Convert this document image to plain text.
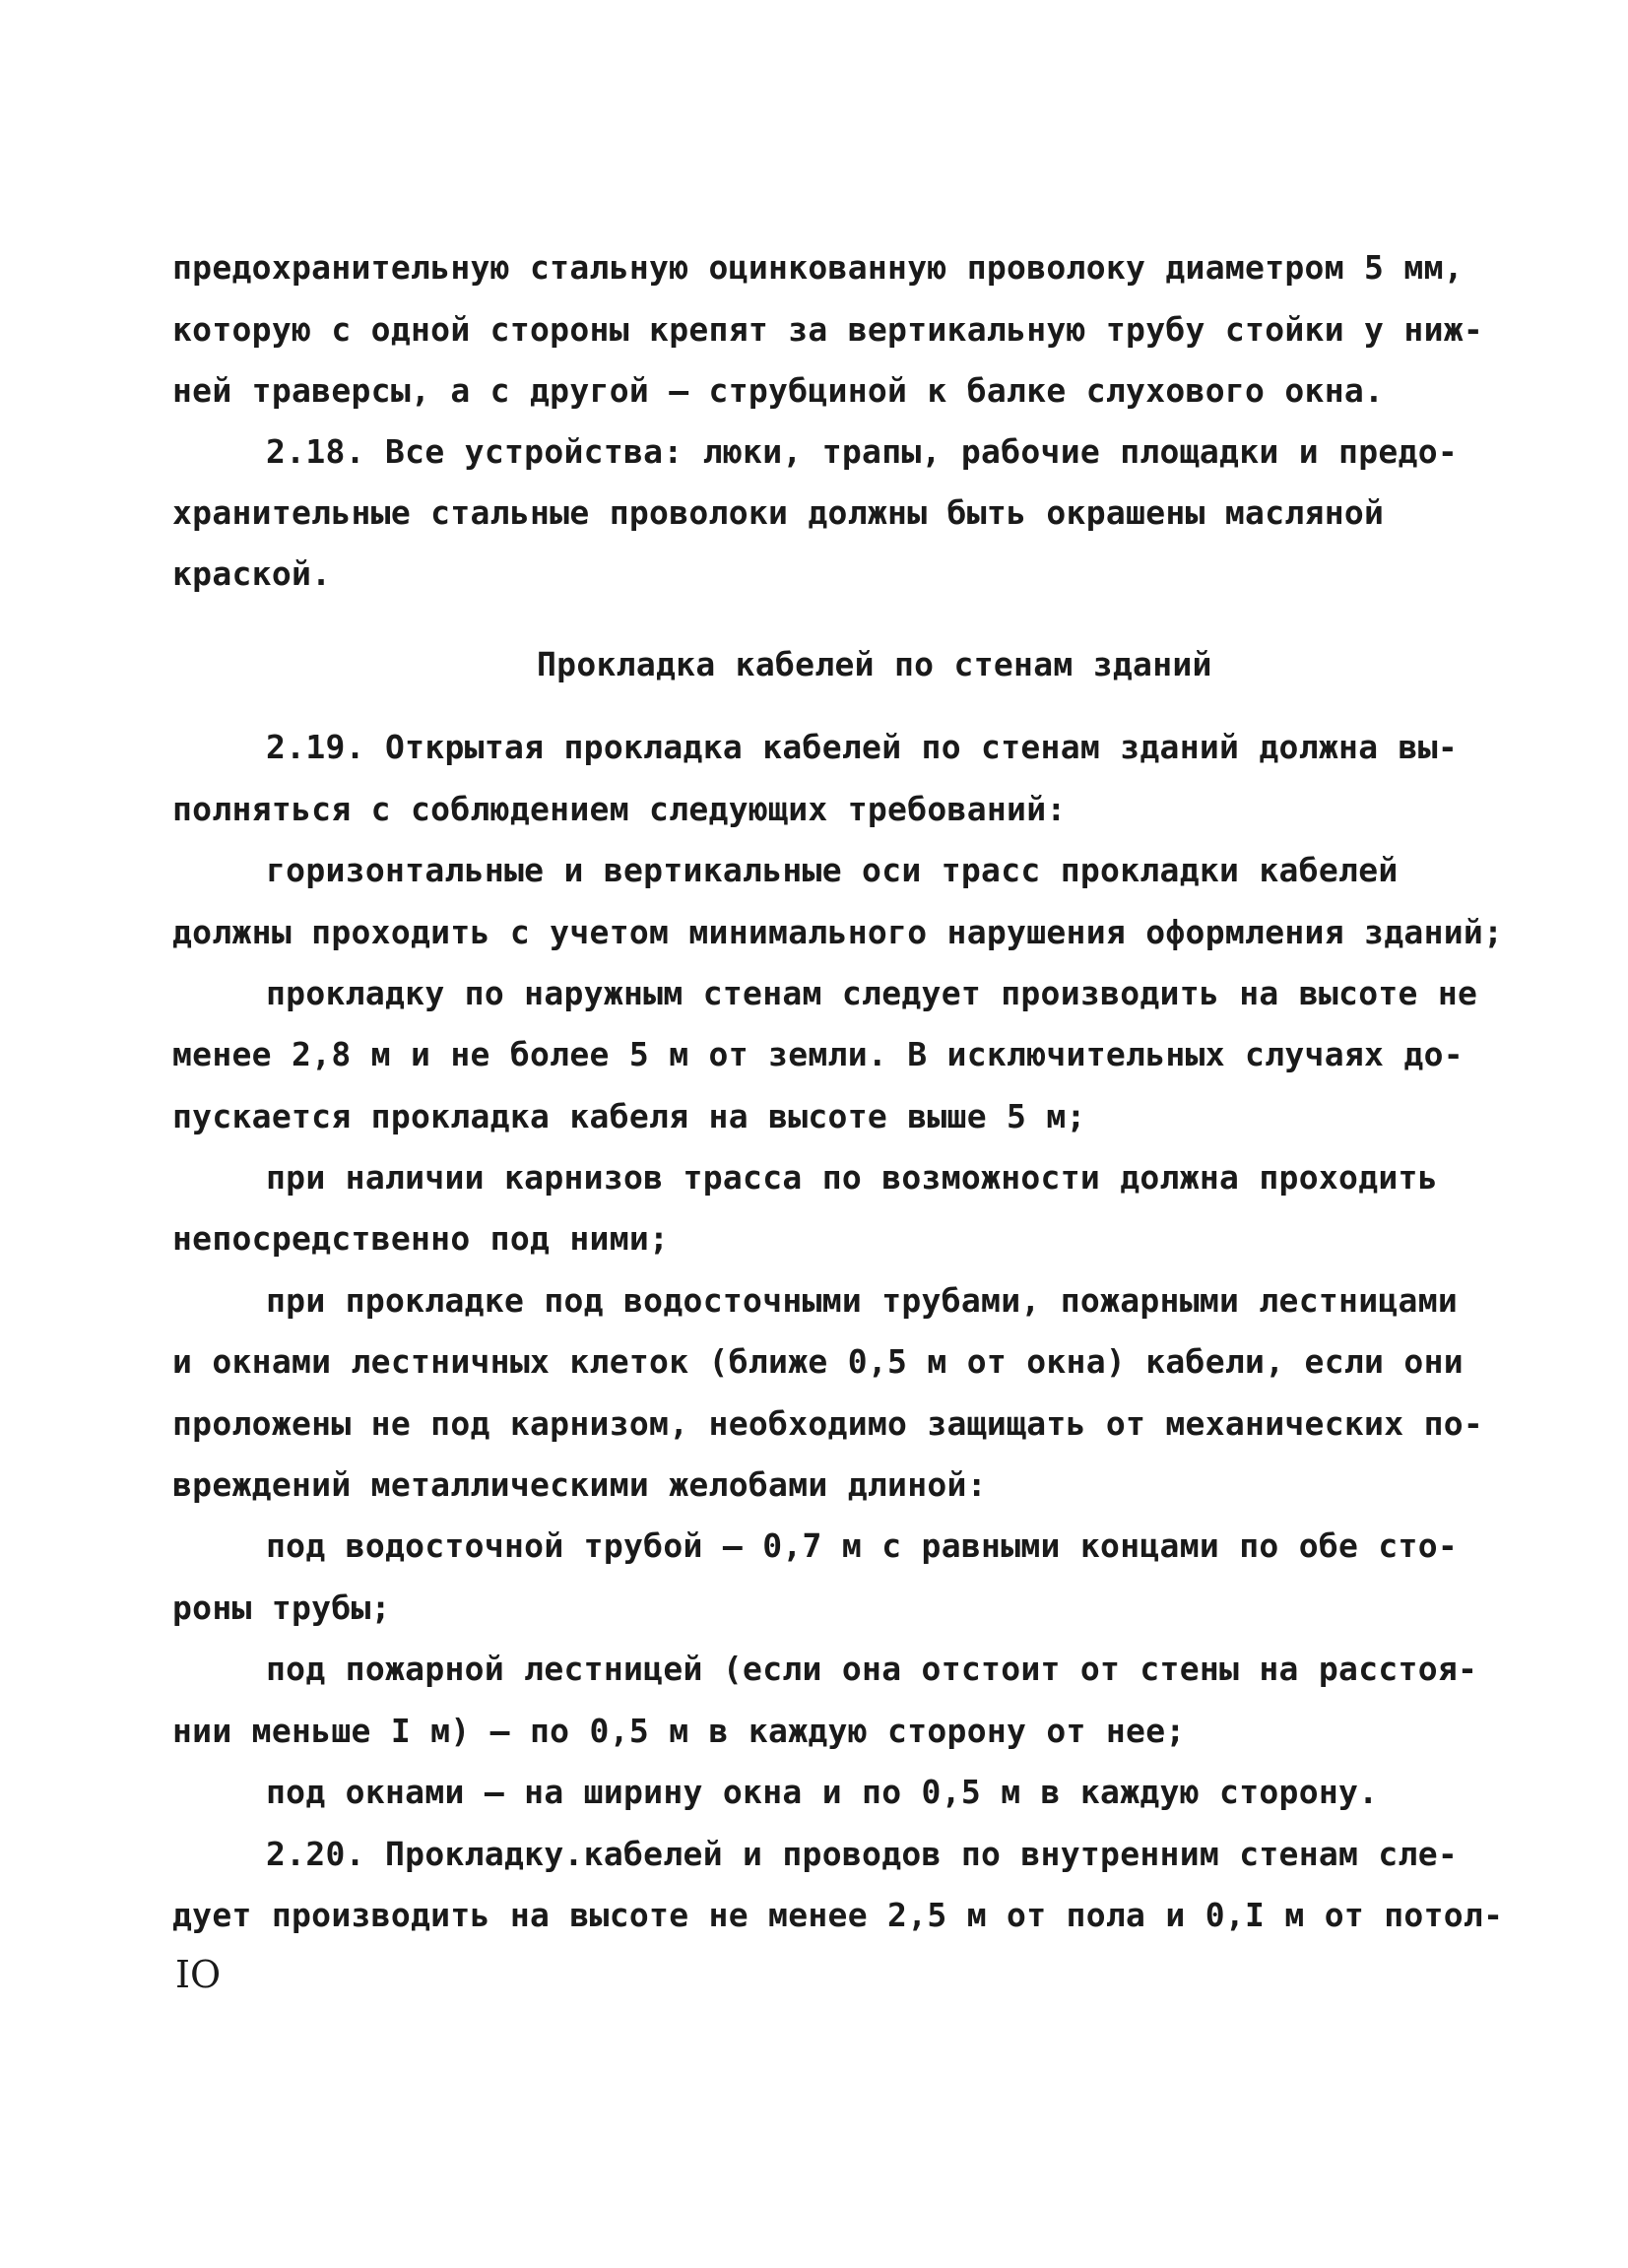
предохранительную стальную оцинкованную проволоку диаметром 5 мм,
которую с одной стороны крепят за вертикальную трубу стойки у ниж-
ней траверсы, а с другой – струбциной к балке слухового окна.
2.18. Все устройства: люки, трапы, рабочие площадки и предо-
хранительные стальные проволоки должны быть окрашены масляной
краской.
Прокладка кабелей по стенам зданий
2.19. Открытая прокладка кабелей по стенам зданий должна вы-
полняться с соблюдением следующих требований:
горизонтальные и вертикальные оси трасс прокладки кабелей
должны проходить с учетом минимального нарушения оформления зданий;
прокладку по наружным стенам следует производить на высоте не
менее 2,8 м и не более 5 м от земли. В исключительных случаях до-
пускается прокладка кабеля на высоте выше 5 м;
при наличии карнизов трасса по возможности должна проходить
непосредственно под ними;
при прокладке под водосточными трубами, пожарными лестницами
и окнами лестничных клеток (ближе 0,5 м от окна) кабели, если они
проложены не под карнизом, необходимо защищать от механических по-
вреждений металлическими желобами длиной:
под водосточной трубой – 0,7 м с равными концами по обе сто-
роны трубы;
под пожарной лестницей (если она отстоит от стены на расстоя-
нии меньше I м) – по 0,5 м в каждую сторону от нее;
под окнами – на ширину окна и по 0,5 м в каждую сторону.
2.20. Прокладку.кабелей и проводов по внутренним стенам сле-
дует производить на высоте не менее 2,5 м от пола и 0,I м от потол-
IO
